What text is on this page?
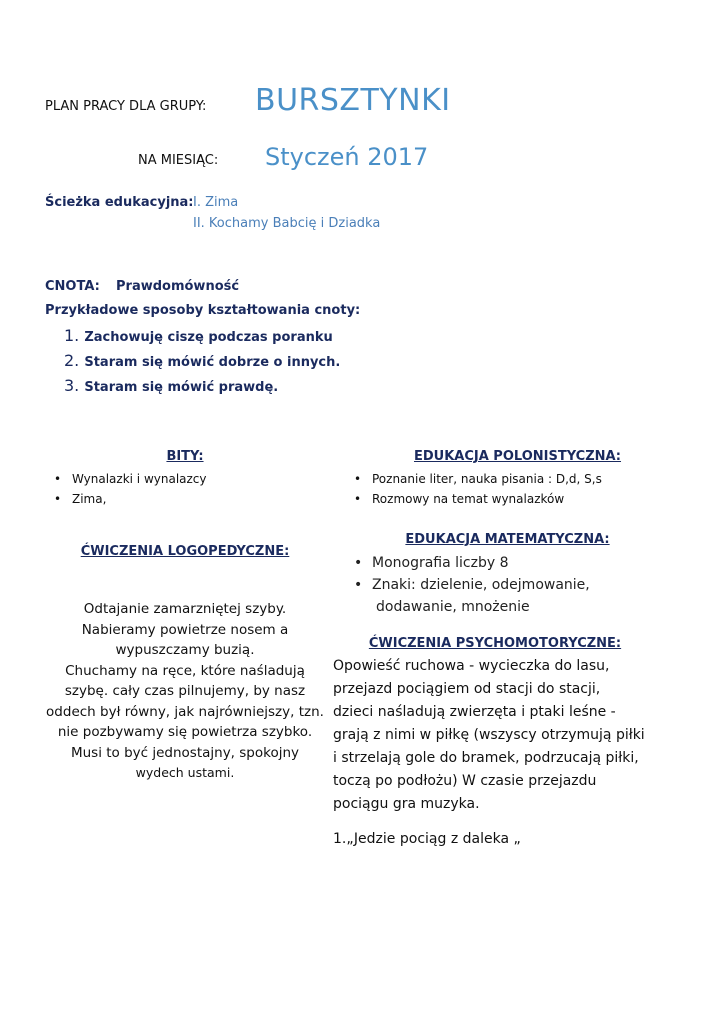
PLAN PRACY DLA GRUPY: BURSZTYNKI
NA MIESIĄC: Styczeń 2017
Ścieżka edukacyjna: I. Zima
II. Kochamy Babcię i Dziadka
CNOTA: Prawdomówność
Przykładowe sposoby kształtowania cnoty:
1. Zachowuję ciszę podczas poranku
2. Staram się mówić dobrze o innych.
3. Staram się mówić prawdę.
BITY:
• Wynalazki i wynalazcy
• Zima,
ĆWICZENIA LOGOPEDYCZNE:
Odtajanie zamarzniętej szyby.
Nabieramy powietrze nosem a
wypuszczamy buzią.
Chuchamy na ręce, które naśladują
szybę. cały czas pilnujemy, by nasz
oddech był równy, jak najrówniejszy, tzn.
nie pozbywamy się powietrza szybko.
Musi to być jednostajny, spokojny
wydech ustami.
EDUKACJA POLONISTYCZNA:
• Poznanie liter, nauka pisania : D,d, S,s
• Rozmowy na temat wynalazków
EDUKACJA MATEMATYCZNA:
• Monografia liczby 8
• Znaki: dzielenie, odejmowanie,
dodawanie, mnożenie
ĆWICZENIA PSYCHOMOTORYCZNE:
Opowieść ruchowa - wycieczka do lasu,
przejazd pociągiem od stacji do stacji,
dzieci naśladują zwierzęta i ptaki leśne -
grają z nimi w piłkę (wszyscy otrzymują piłki
i strzelają gole do bramek, podrzucają piłki,
toczą po podłożu) W czasie przejazdu
pociągu gra muzyka.
1.„Jedzie pociąg z daleka „
